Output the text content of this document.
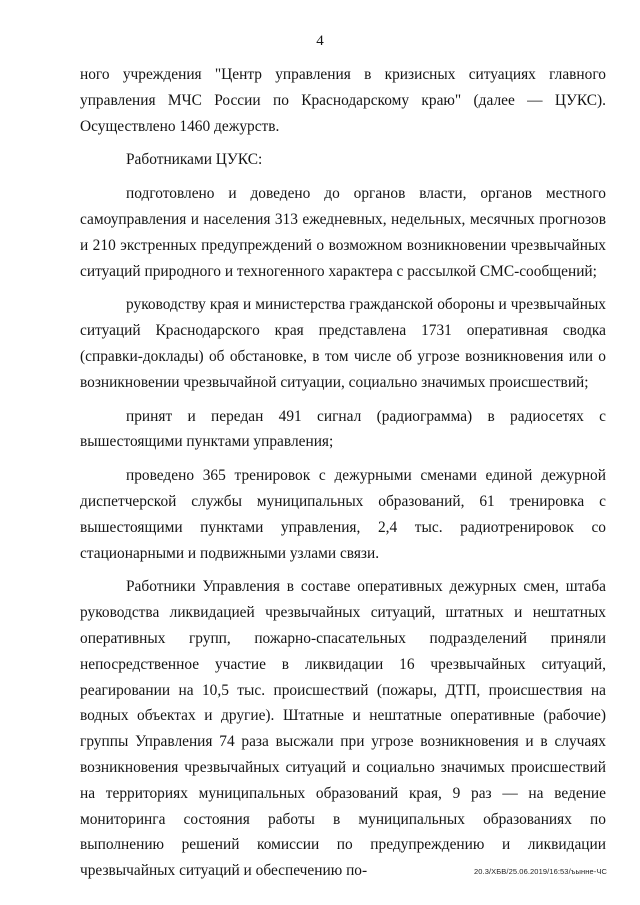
4

ного учреждения "Центр управления в кризисных ситуациях главного управления МЧС России по Краснодарскому краю" (далее — ЦУКС). Осуществлено 1460 дежурств.

Работниками ЦУКС:

подготовлено и доведено до органов власти, органов местного самоуправления и населения 313 ежедневных, недельных, месячных прогнозов и 210 экстренных предупреждений о возможном возникновении чрезвычайных ситуаций природного и техногенного характера с рассылкой СМС-сообщений;

руководству края и министерства гражданской обороны и чрезвычайных ситуаций Краснодарского края представлена 1731 оперативная сводка (справки-доклады) об обстановке, в том числе об угрозе возникновения или о возникновении чрезвычайной ситуации, социально значимых происшествий;

принят и передан 491 сигнал (радиограмма) в радиосетях с вышестоящими пунктами управления;

проведено 365 тренировок с дежурными сменами единой дежурной диспетчерской службы муниципальных образований, 61 тренировка с вышестоящими пунктами управления, 2,4 тыс. радиотренировок со стационарными и подвижными узлами связи.

Работники Управления в составе оперативных дежурных смен, штаба руководства ликвидацией чрезвычайных ситуаций, штатных и нештатных оперативных групп, пожарно-спасательных подразделений приняли непосредственное участие в ликвидации 16 чрезвычайных ситуаций, реагировании на 10,5 тыс. происшествий (пожары, ДТП, происшествия на водных объектах и другие). Штатные и нештатные оперативные (рабочие) группы Управления 74 раза высжали при угрозе возникновения и в случаях возникновения чрезвычайных ситуаций и социально значимых происшествий на территориях муниципальных образований края, 9 раз — на ведение мониторинга состояния работы в муниципальных образованиях по выполнению решений комиссии по предупреждению и ликвидации чрезвычайных ситуаций и обеспечению по-	20.3/ХБВ/25.06.2019/16:53/ъынне-ЧС
